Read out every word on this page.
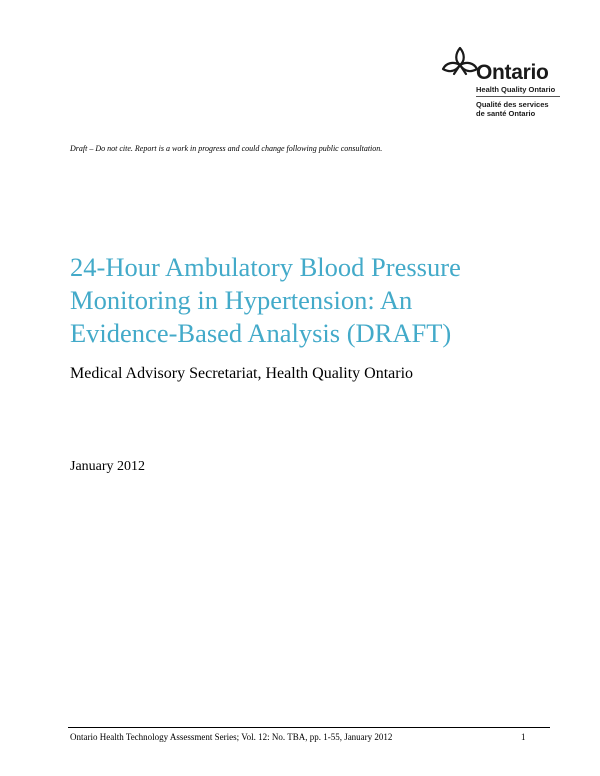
Ontario
Health Quality Ontario
Qualité des services
de santé Ontario
Draft – Do not cite. Report is a work in progress and could change following public consultation.
24-Hour Ambulatory Blood Pressure
Monitoring in Hypertension: An
Evidence-Based Analysis (DRAFT)
Medical Advisory Secretariat, Health Quality Ontario
January 2012
Ontario Health Technology Assessment Series; Vol. 12: No. TBA, pp. 1-55, January 2012	1
